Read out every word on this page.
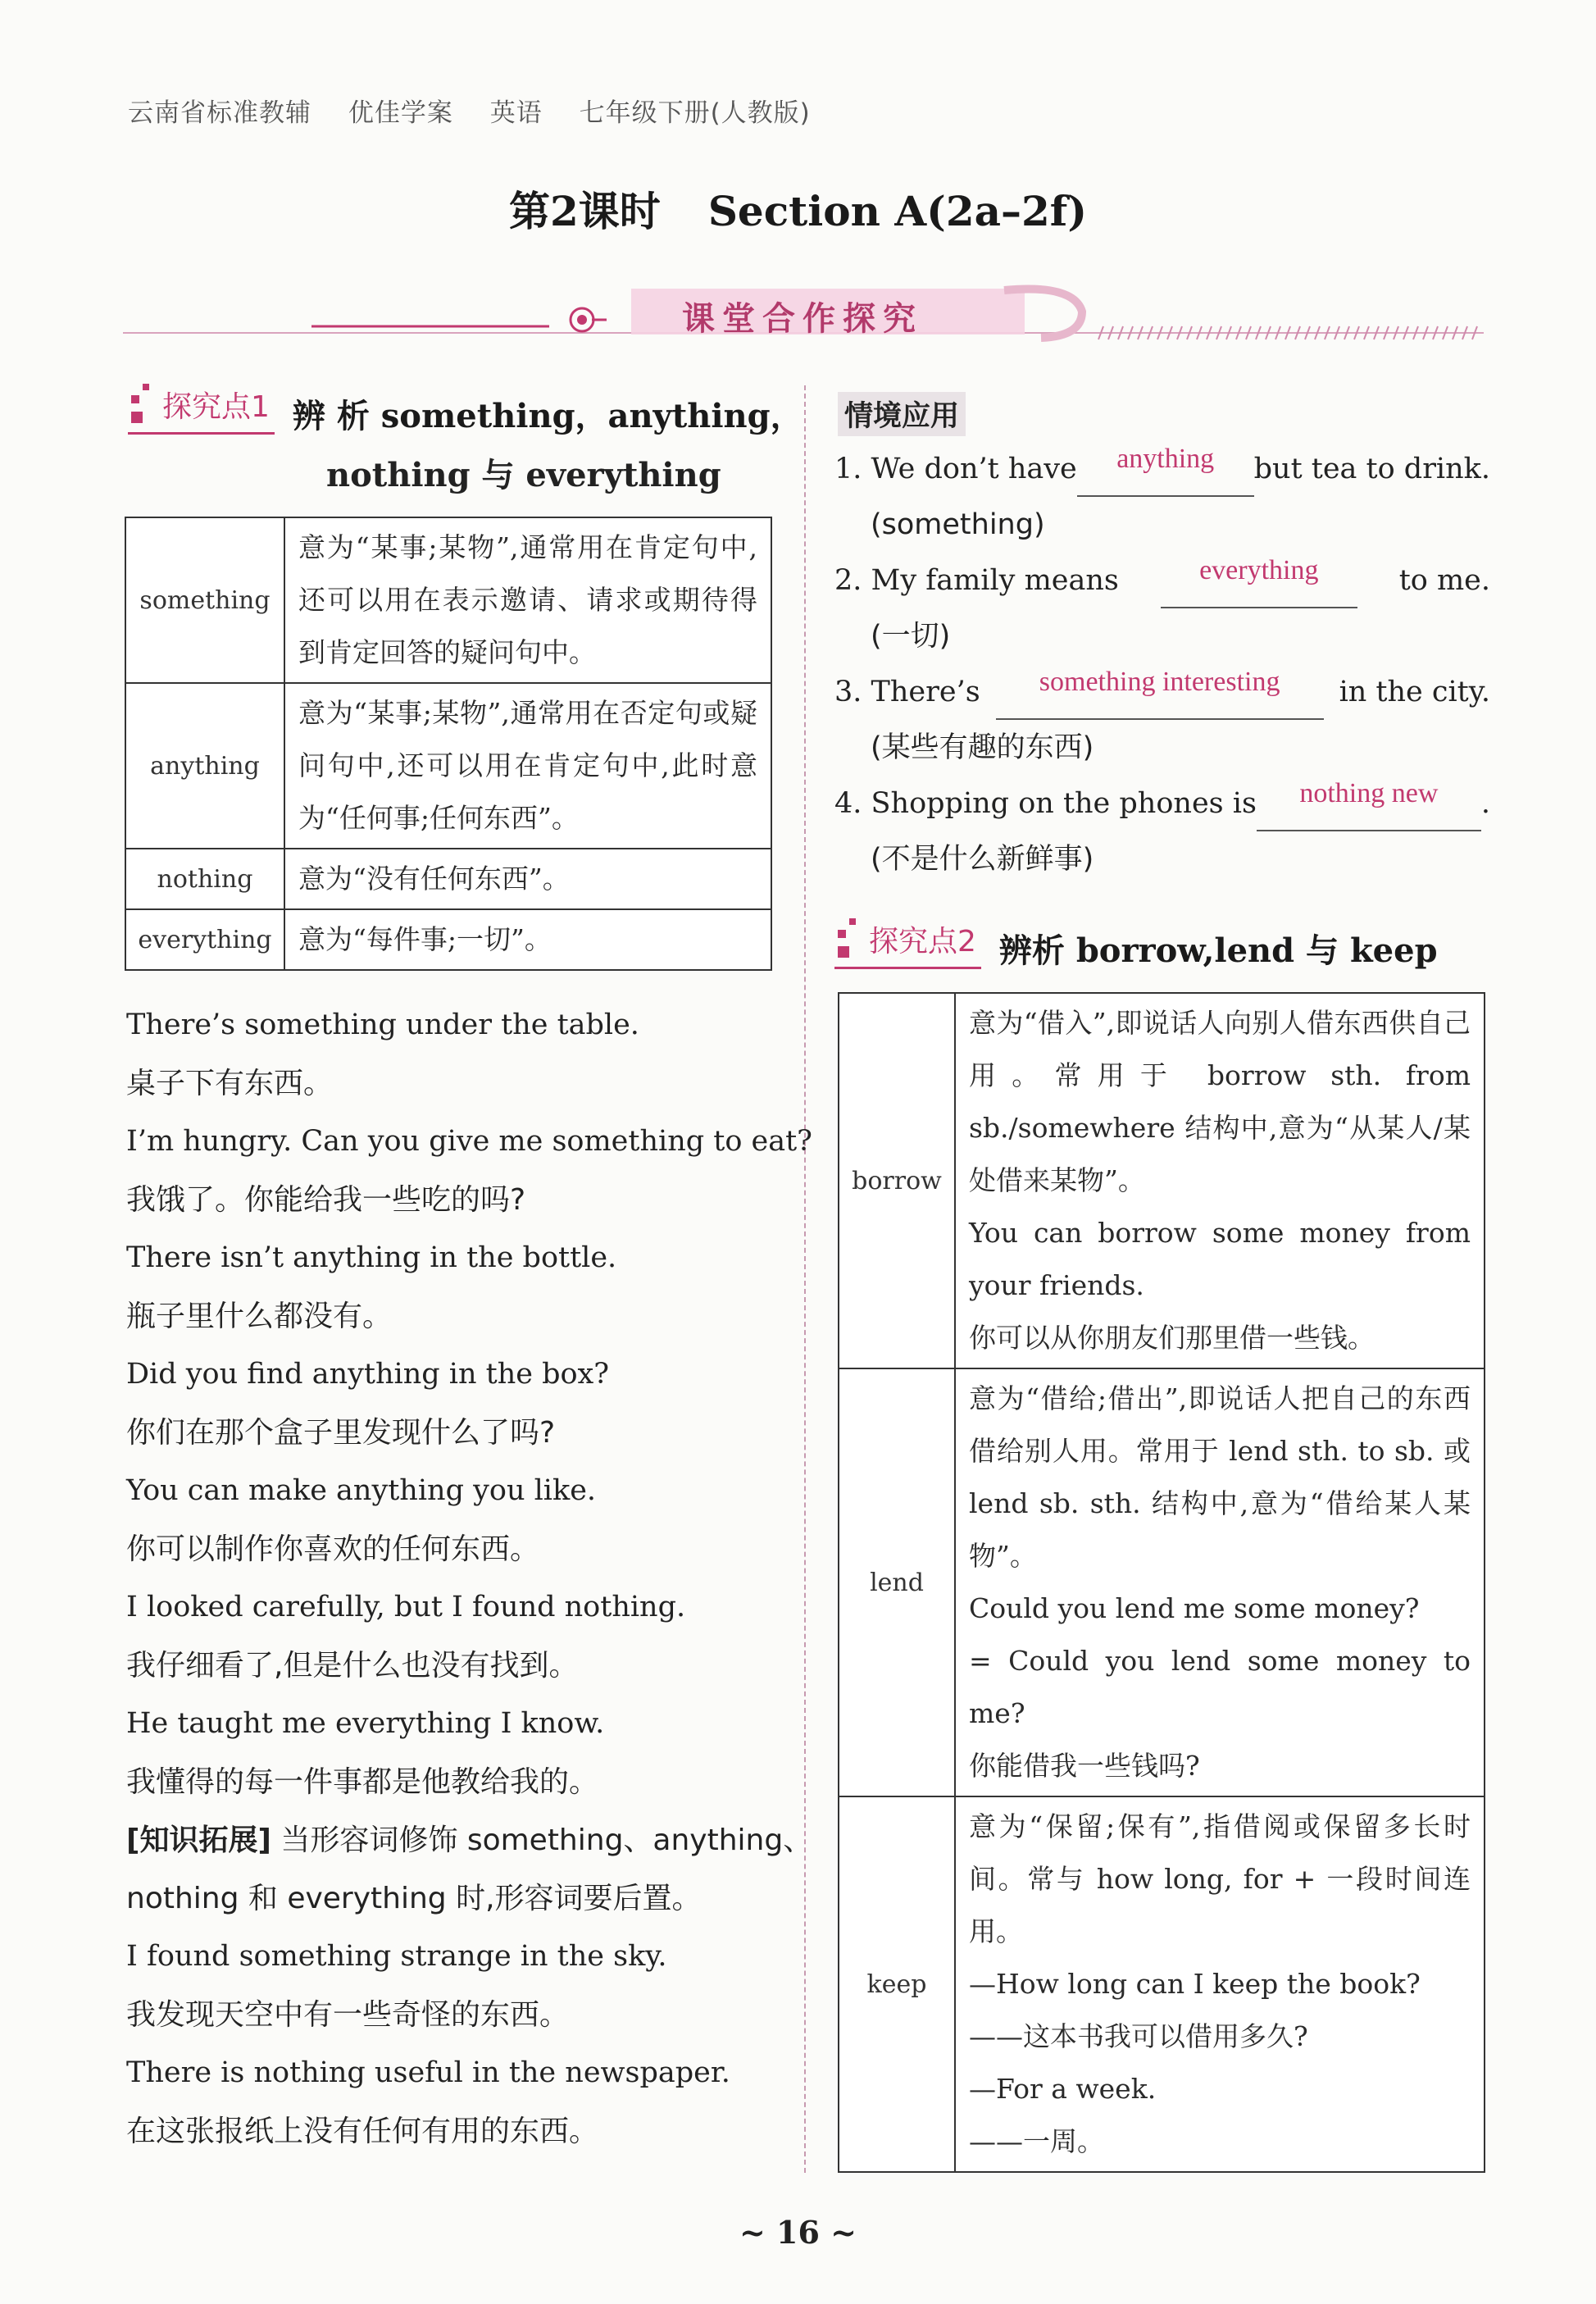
云南省标准教辅 优佳学案 英语 七年级下册(人教版)
第2课时 Section A(2a–2f)
课堂合作探究
探究点1 辨 析 something，anything，
nothing 与 everything
something	意为“某事;某物”,通常用在肯定句中,还可以用在表示邀请、请求或期待得到肯定回答的疑问句中。
anything	意为“某事;某物”,通常用在否定句或疑问句中,还可以用在肯定句中,此时意为“任何事;任何东西”。
nothing	意为“没有任何东西”。
everything	意为“每件事;一切”。
There’s something under the table.
桌子下有东西。
I’m hungry. Can you give me something to eat?
我饿了。你能给我一些吃的吗?
There isn’t anything in the bottle.
瓶子里什么都没有。
Did you find anything in the box?
你们在那个盒子里发现什么了吗?
You can make anything you like.
你可以制作你喜欢的任何东西。
I looked carefully, but I found nothing.
我仔细看了,但是什么也没有找到。
He taught me everything I know.
我懂得的每一件事都是他教给我的。
[知识拓展] 当形容词修饰 something、anything、
nothing 和 everything 时,形容词要后置。
I found something strange in the sky.
我发现天空中有一些奇怪的东西。
There is nothing useful in the newspaper.
在这张报纸上没有任何有用的东西。
情境应用
1. We don’t have	anything	but tea to drink.
(something)
2. My family means	everything	to me.
(一切)
3. There’s	something interesting	in the city.
(某些有趣的东西)
4. Shopping on the phones is	nothing new	.
(不是什么新鲜事)
探究点2 辨析 borrow,lend 与 keep
borrow	意为“借入”,即说话人向别人借东西供自己用。常用于 borrow sth. from sb./somewhere 结构中,意为“从某人/某处借来某物”。
You can borrow some money from your friends.
你可以从你朋友们那里借一些钱。

lend	意为“借给;借出”,即说话人把自己的东西借给别人用。常用于 lend sth. to sb. 或 lend sb. sth. 结构中,意为“借给某人某物”。
Could you lend me some money?
= Could you lend some money to me?
你能借我一些钱吗?

keep	意为“保留;保有”,指借阅或保留多长时间。常与 how long, for + 一段时间连用。
—How long can I keep the book?
——这本书我可以借用多久?
—For a week.
——一周。
~ 16 ~
